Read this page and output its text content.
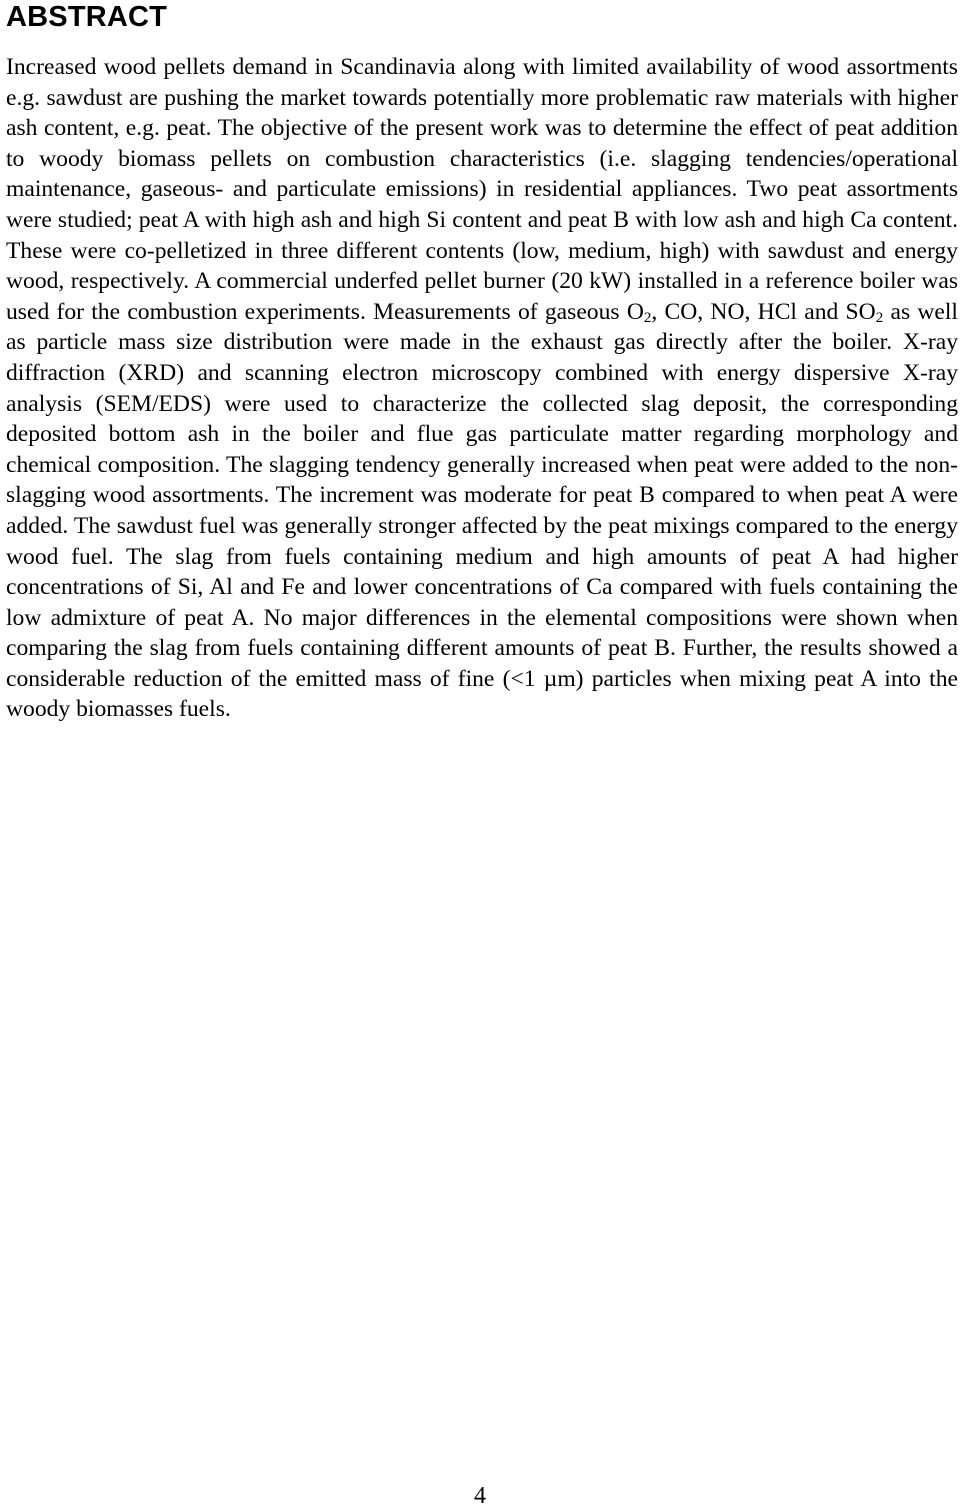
ABSTRACT

Increased wood pellets demand in Scandinavia along with limited availability of wood assortments e.g. sawdust are pushing the market towards potentially more problematic raw materials with higher ash content, e.g. peat. The objective of the present work was to determine the effect of peat addition to woody biomass pellets on combustion characteristics (i.e. slagging tendencies/operational maintenance, gaseous- and particulate emissions) in residential appliances. Two peat assortments were studied; peat A with high ash and high Si content and peat B with low ash and high Ca content. These were co-pelletized in three different contents (low, medium, high) with sawdust and energy wood, respectively. A commercial underfed pellet burner (20 kW) installed in a reference boiler was used for the combustion experiments. Measurements of gaseous $O_2$, CO, NO, HCl and $SO_2$ as well as particle mass size distribution were made in the exhaust gas directly after the boiler. X-ray diffraction (XRD) and scanning electron microscopy combined with energy dispersive X-ray analysis (SEM/EDS) were used to characterize the collected slag deposit, the corresponding deposited bottom ash in the boiler and flue gas particulate matter regarding morphology and chemical composition. The slagging tendency generally increased when peat were added to the non-slagging wood assortments. The increment was moderate for peat B compared to when peat A were added. The sawdust fuel was generally stronger affected by the peat mixings compared to the energy wood fuel. The slag from fuels containing medium and high amounts of peat A had higher concentrations of Si, Al and Fe and lower concentrations of Ca compared with fuels containing the low admixture of peat A. No major differences in the elemental compositions were shown when comparing the slag from fuels containing different amounts of peat B. Further, the results showed a considerable reduction of the emitted mass of fine (<1 µm) particles when mixing peat A into the woody biomasses fuels.

4
